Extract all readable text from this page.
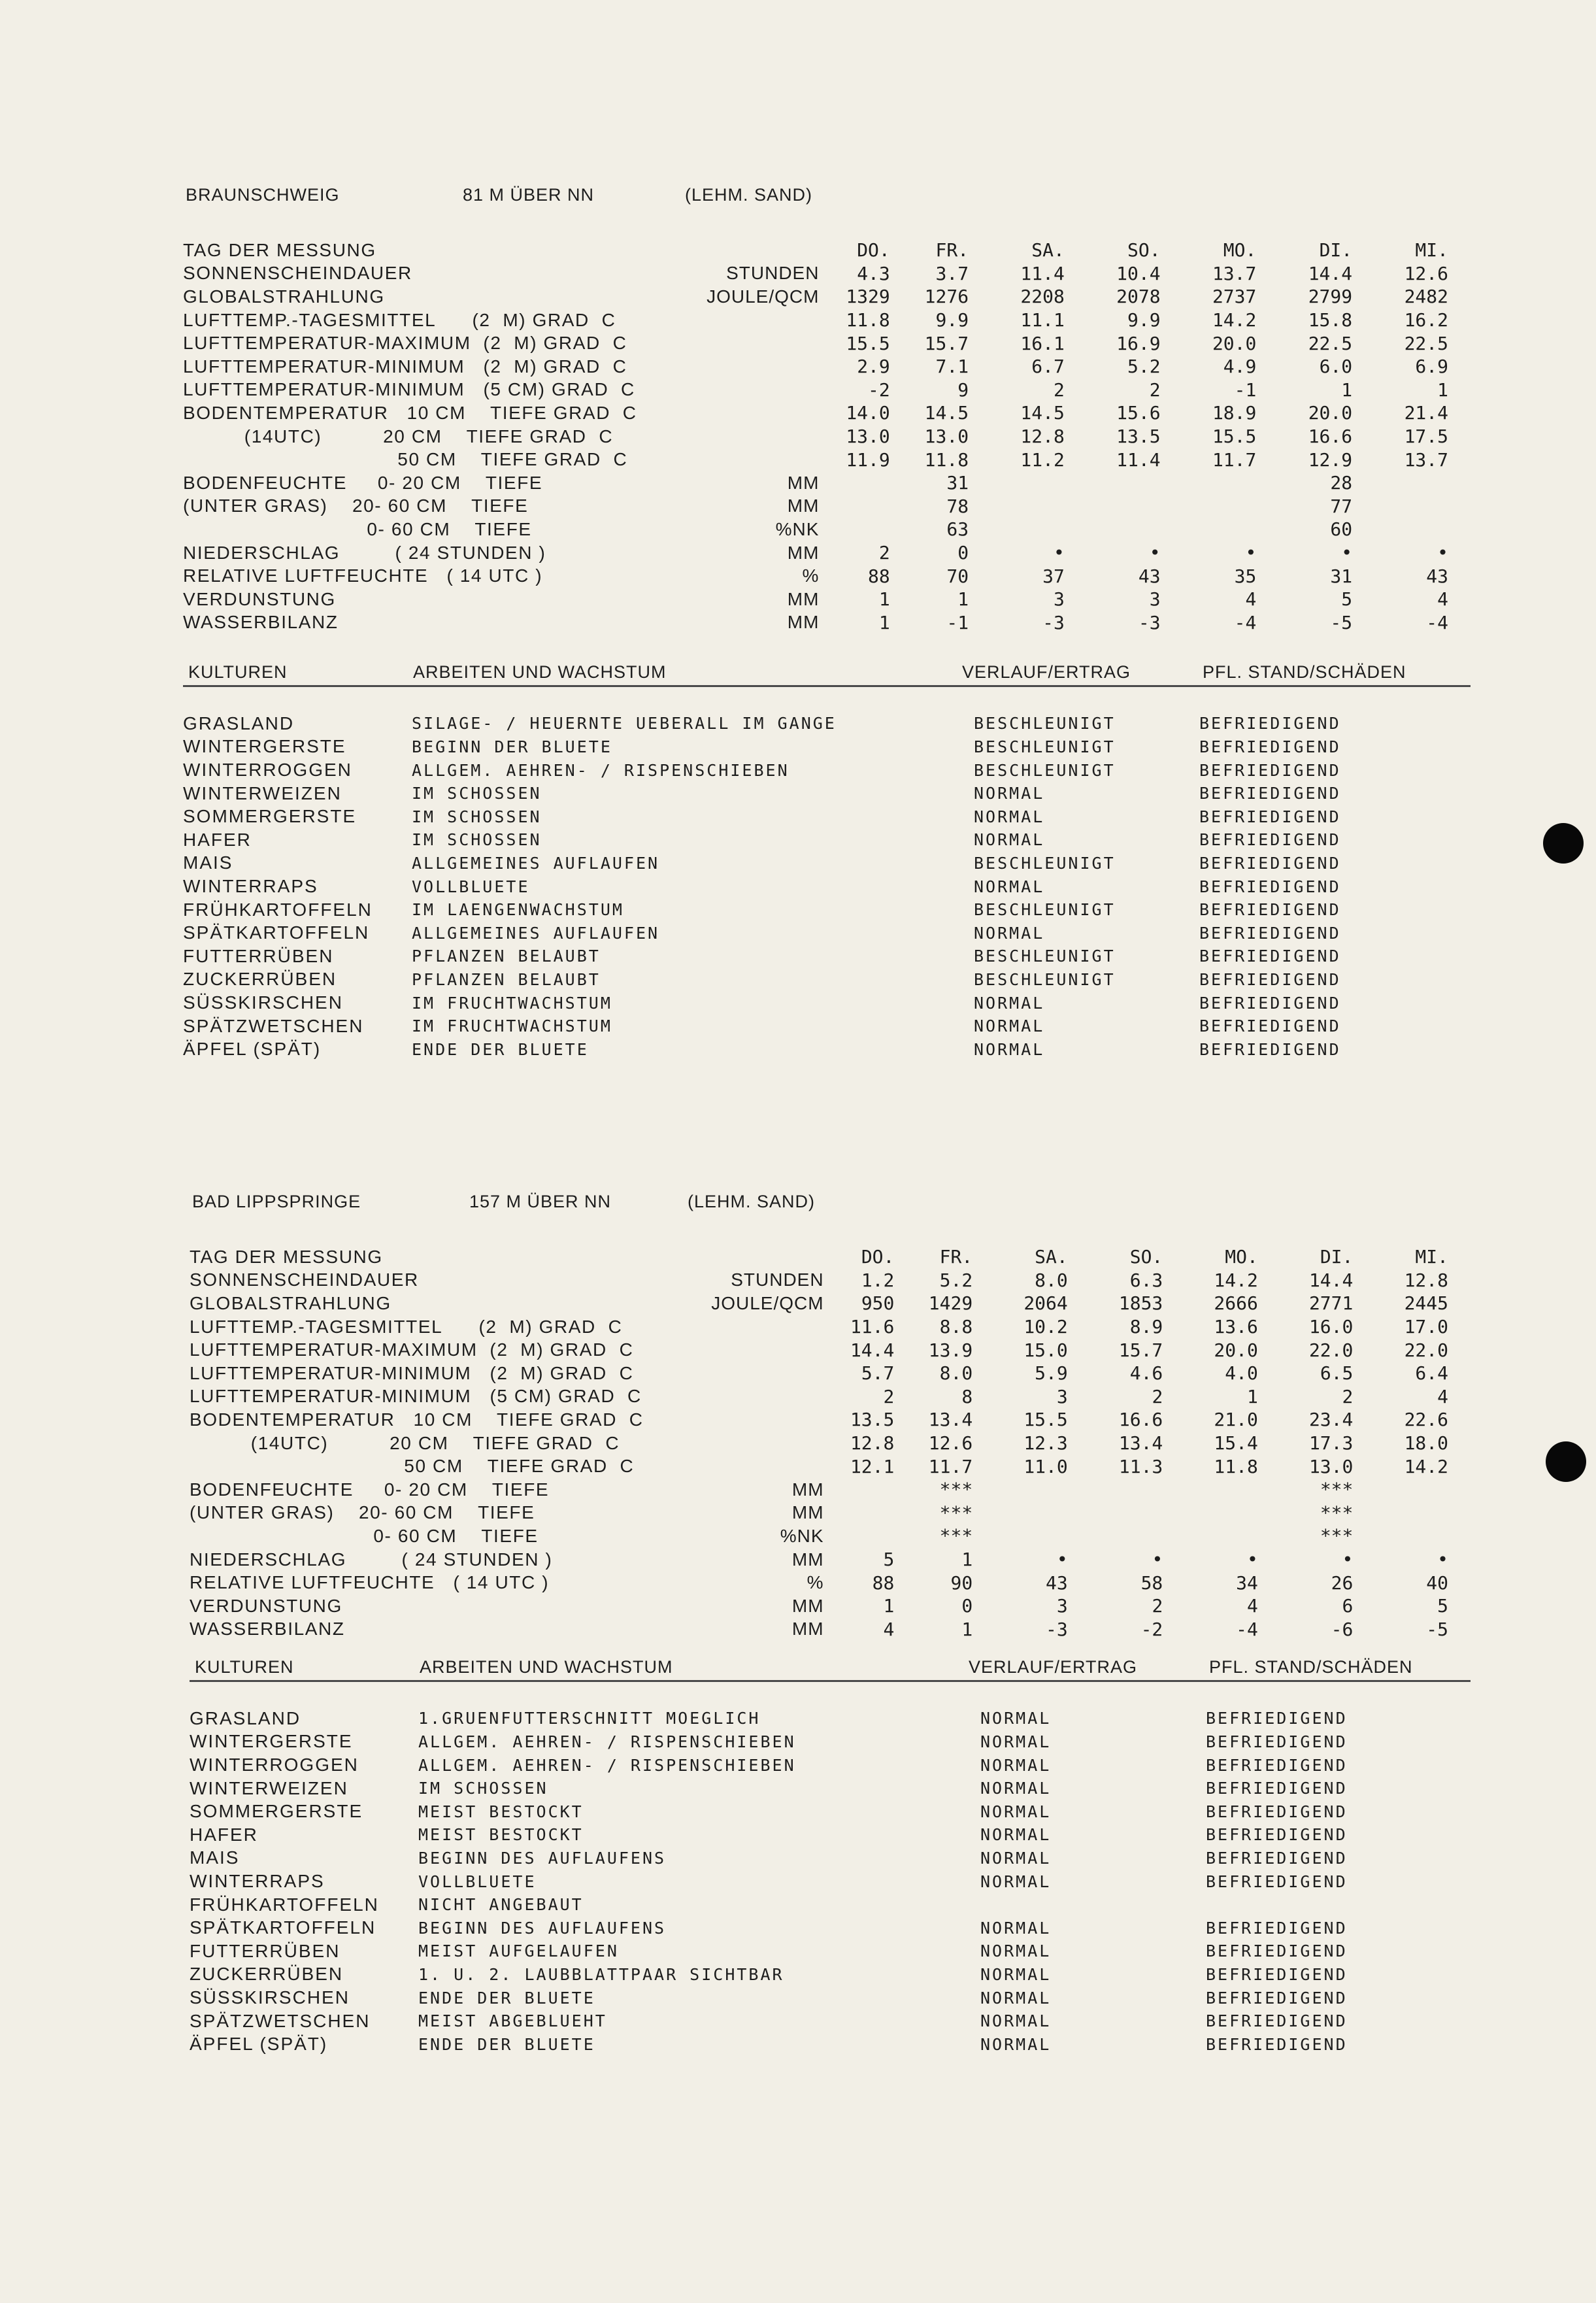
BRAUNSCHWEIG	81 M ÜBER NN	(LEHM. SAND)
TAG DER MESSUNG		DO.	FR.	SA.	SO.	MO.	DI.	MI.
SONNENSCHEINDAUER	STUNDEN	4.3	3.7	11.4	10.4	13.7	14.4	12.6
GLOBALSTRAHLUNG	JOULE/QCM	1329	1276	2208	2078	2737	2799	2482
LUFTTEMP.-TAGESMITTEL      (2  M) GRAD  C		11.8	9.9	11.1	9.9	14.2	15.8	16.2
LUFTTEMPERATUR-MAXIMUM  (2  M) GRAD  C		15.5	15.7	16.1	16.9	20.0	22.5	22.5
LUFTTEMPERATUR-MINIMUM   (2  M) GRAD  C		2.9	7.1	6.7	5.2	4.9	6.0	6.9
LUFTTEMPERATUR-MINIMUM   (5 CM) GRAD  C		-2	9	2	2	-1	1	1
BODENTEMPERATUR   10 CM    TIEFE GRAD  C		14.0	14.5	14.5	15.6	18.9	20.0	21.4
(14UTC)          20 CM    TIEFE GRAD  C		13.0	13.0	12.8	13.5	15.5	16.6	17.5
50 CM    TIEFE GRAD  C		11.9	11.8	11.2	11.4	11.7	12.9	13.7
BODENFEUCHTE     0- 20 CM    TIEFE	MM		31				28	
(UNTER GRAS)    20- 60 CM    TIEFE	MM		78				77	
0- 60 CM    TIEFE	%NK		63				60	
NIEDERSCHLAG         ( 24 STUNDEN )	MM	2	0	•	•	•	•	•
RELATIVE LUFTFEUCHTE   ( 14 UTC )	%	88	70	37	43	35	31	43
VERDUNSTUNG	MM	1	1	3	3	4	5	4
WASSERBILANZ	MM	1	-1	-3	-3	-4	-5	-4
KULTUREN	ARBEITEN UND WACHSTUM	VERLAUF/ERTRAG	PFL. STAND/SCHÄDEN
GRASLAND	SILAGE- / HEUERNTE UEBERALL IM GANGE	BESCHLEUNIGT	BEFRIEDIGEND
WINTERGERSTE	BEGINN DER BLUETE	BESCHLEUNIGT	BEFRIEDIGEND
WINTERROGGEN	ALLGEM. AEHREN- / RISPENSCHIEBEN	BESCHLEUNIGT	BEFRIEDIGEND
WINTERWEIZEN	IM SCHOSSEN	NORMAL	BEFRIEDIGEND
SOMMERGERSTE	IM SCHOSSEN	NORMAL	BEFRIEDIGEND
HAFER	IM SCHOSSEN	NORMAL	BEFRIEDIGEND
MAIS	ALLGEMEINES AUFLAUFEN	BESCHLEUNIGT	BEFRIEDIGEND
WINTERRAPS	VOLLBLUETE	NORMAL	BEFRIEDIGEND
FRÜHKARTOFFELN	IM LAENGENWACHSTUM	BESCHLEUNIGT	BEFRIEDIGEND
SPÄTKARTOFFELN	ALLGEMEINES AUFLAUFEN	NORMAL	BEFRIEDIGEND
FUTTERRÜBEN	PFLANZEN BELAUBT	BESCHLEUNIGT	BEFRIEDIGEND
ZUCKERRÜBEN	PFLANZEN BELAUBT	BESCHLEUNIGT	BEFRIEDIGEND
SÜSSKIRSCHEN	IM FRUCHTWACHSTUM	NORMAL	BEFRIEDIGEND
SPÄTZWETSCHEN	IM FRUCHTWACHSTUM	NORMAL	BEFRIEDIGEND
ÄPFEL (SPÄT)	ENDE DER BLUETE	NORMAL	BEFRIEDIGEND
BAD LIPPSPRINGE	157 M ÜBER NN	(LEHM. SAND)
TAG DER MESSUNG		DO.	FR.	SA.	SO.	MO.	DI.	MI.
SONNENSCHEINDAUER	STUNDEN	1.2	5.2	8.0	6.3	14.2	14.4	12.8
GLOBALSTRAHLUNG	JOULE/QCM	950	1429	2064	1853	2666	2771	2445
LUFTTEMP.-TAGESMITTEL      (2  M) GRAD  C		11.6	8.8	10.2	8.9	13.6	16.0	17.0
LUFTTEMPERATUR-MAXIMUM  (2  M) GRAD  C		14.4	13.9	15.0	15.7	20.0	22.0	22.0
LUFTTEMPERATUR-MINIMUM   (2  M) GRAD  C		5.7	8.0	5.9	4.6	4.0	6.5	6.4
LUFTTEMPERATUR-MINIMUM   (5 CM) GRAD  C		2	8	3	2	1	2	4
BODENTEMPERATUR   10 CM    TIEFE GRAD  C		13.5	13.4	15.5	16.6	21.0	23.4	22.6
(14UTC)          20 CM    TIEFE GRAD  C		12.8	12.6	12.3	13.4	15.4	17.3	18.0
50 CM    TIEFE GRAD  C		12.1	11.7	11.0	11.3	11.8	13.0	14.2
BODENFEUCHTE     0- 20 CM    TIEFE	MM		***				***	
(UNTER GRAS)    20- 60 CM    TIEFE	MM		***				***	
0- 60 CM    TIEFE	%NK		***				***	
NIEDERSCHLAG         ( 24 STUNDEN )	MM	5	1	•	•	•	•	•
RELATIVE LUFTFEUCHTE   ( 14 UTC )	%	88	90	43	58	34	26	40
VERDUNSTUNG	MM	1	0	3	2	4	6	5
WASSERBILANZ	MM	4	1	-3	-2	-4	-6	-5
KULTUREN	ARBEITEN UND WACHSTUM	VERLAUF/ERTRAG	PFL. STAND/SCHÄDEN
GRASLAND	1.GRUENFUTTERSCHNITT MOEGLICH	NORMAL	BEFRIEDIGEND
WINTERGERSTE	ALLGEM. AEHREN- / RISPENSCHIEBEN	NORMAL	BEFRIEDIGEND
WINTERROGGEN	ALLGEM. AEHREN- / RISPENSCHIEBEN	NORMAL	BEFRIEDIGEND
WINTERWEIZEN	IM SCHOSSEN	NORMAL	BEFRIEDIGEND
SOMMERGERSTE	MEIST BESTOCKT	NORMAL	BEFRIEDIGEND
HAFER	MEIST BESTOCKT	NORMAL	BEFRIEDIGEND
MAIS	BEGINN DES AUFLAUFENS	NORMAL	BEFRIEDIGEND
WINTERRAPS	VOLLBLUETE	NORMAL	BEFRIEDIGEND
FRÜHKARTOFFELN	NICHT ANGEBAUT		
SPÄTKARTOFFELN	BEGINN DES AUFLAUFENS	NORMAL	BEFRIEDIGEND
FUTTERRÜBEN	MEIST AUFGELAUFEN	NORMAL	BEFRIEDIGEND
ZUCKERRÜBEN	1. U. 2. LAUBBLATTPAAR SICHTBAR	NORMAL	BEFRIEDIGEND
SÜSSKIRSCHEN	ENDE DER BLUETE	NORMAL	BEFRIEDIGEND
SPÄTZWETSCHEN	MEIST ABGEBLUEHT	NORMAL	BEFRIEDIGEND
ÄPFEL (SPÄT)	ENDE DER BLUETE	NORMAL	BEFRIEDIGEND
